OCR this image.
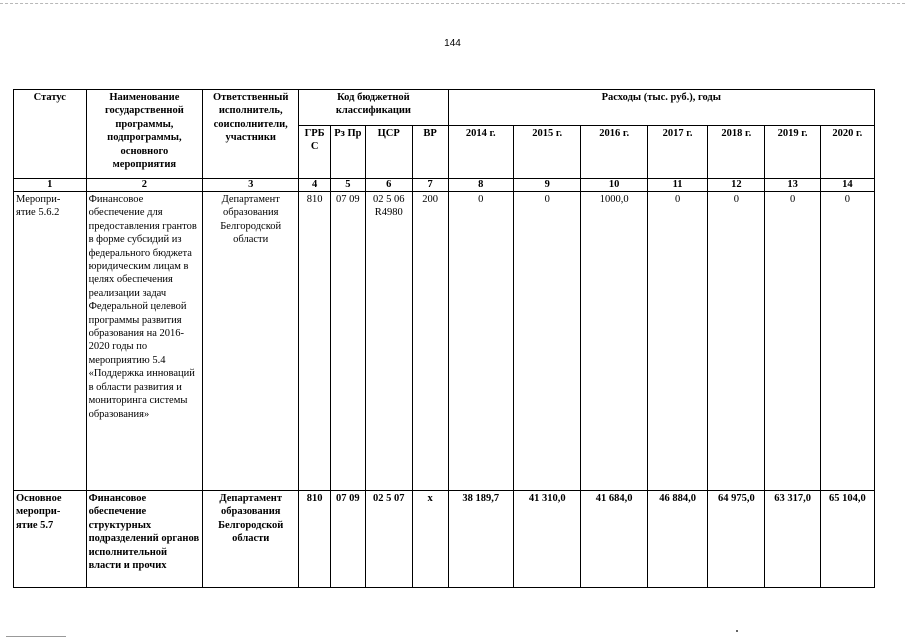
144
Статус	Наименование государственной программы, подпрограммы, основного мероприятия	Ответственный исполнитель, соисполнители, участники	Код бюджетной классификации				Расходы (тыс. руб.), годы						
			ГРБ С	Рз Пр	ЦСР	ВР	2014 г.	2015 г.	2016 г.	2017 г.	2018 г.	2019 г.	2020 г.
1	2	3	4	5	6	7	8	9	10	11	12	13	14
Меропри-
ятие 5.6.2	Финансовое обеспечение для предоставления грантов в форме субсидий из федерального бюджета юридическим лицам в целях обеспечения реализации задач Федеральной целевой программы развития образования на 2016-2020 годы по мероприятию 5.4 «Поддержка инноваций в области развития и мониторинга системы образования»	Департамент образования Белгородской области	810	07 09	02 5 06 R4980	200	0	0	1000,0	0	0	0	0
Основное меропри-
ятие 5.7	Финансовое обеспечение структурных подразделений органов исполнительной власти и прочих	Департамент образования Белгородской области	810	07 09	02 5 07	х	38 189,7	41 310,0	41 684,0	46 884,0	64 975,0	63 317,0	65 104,0
